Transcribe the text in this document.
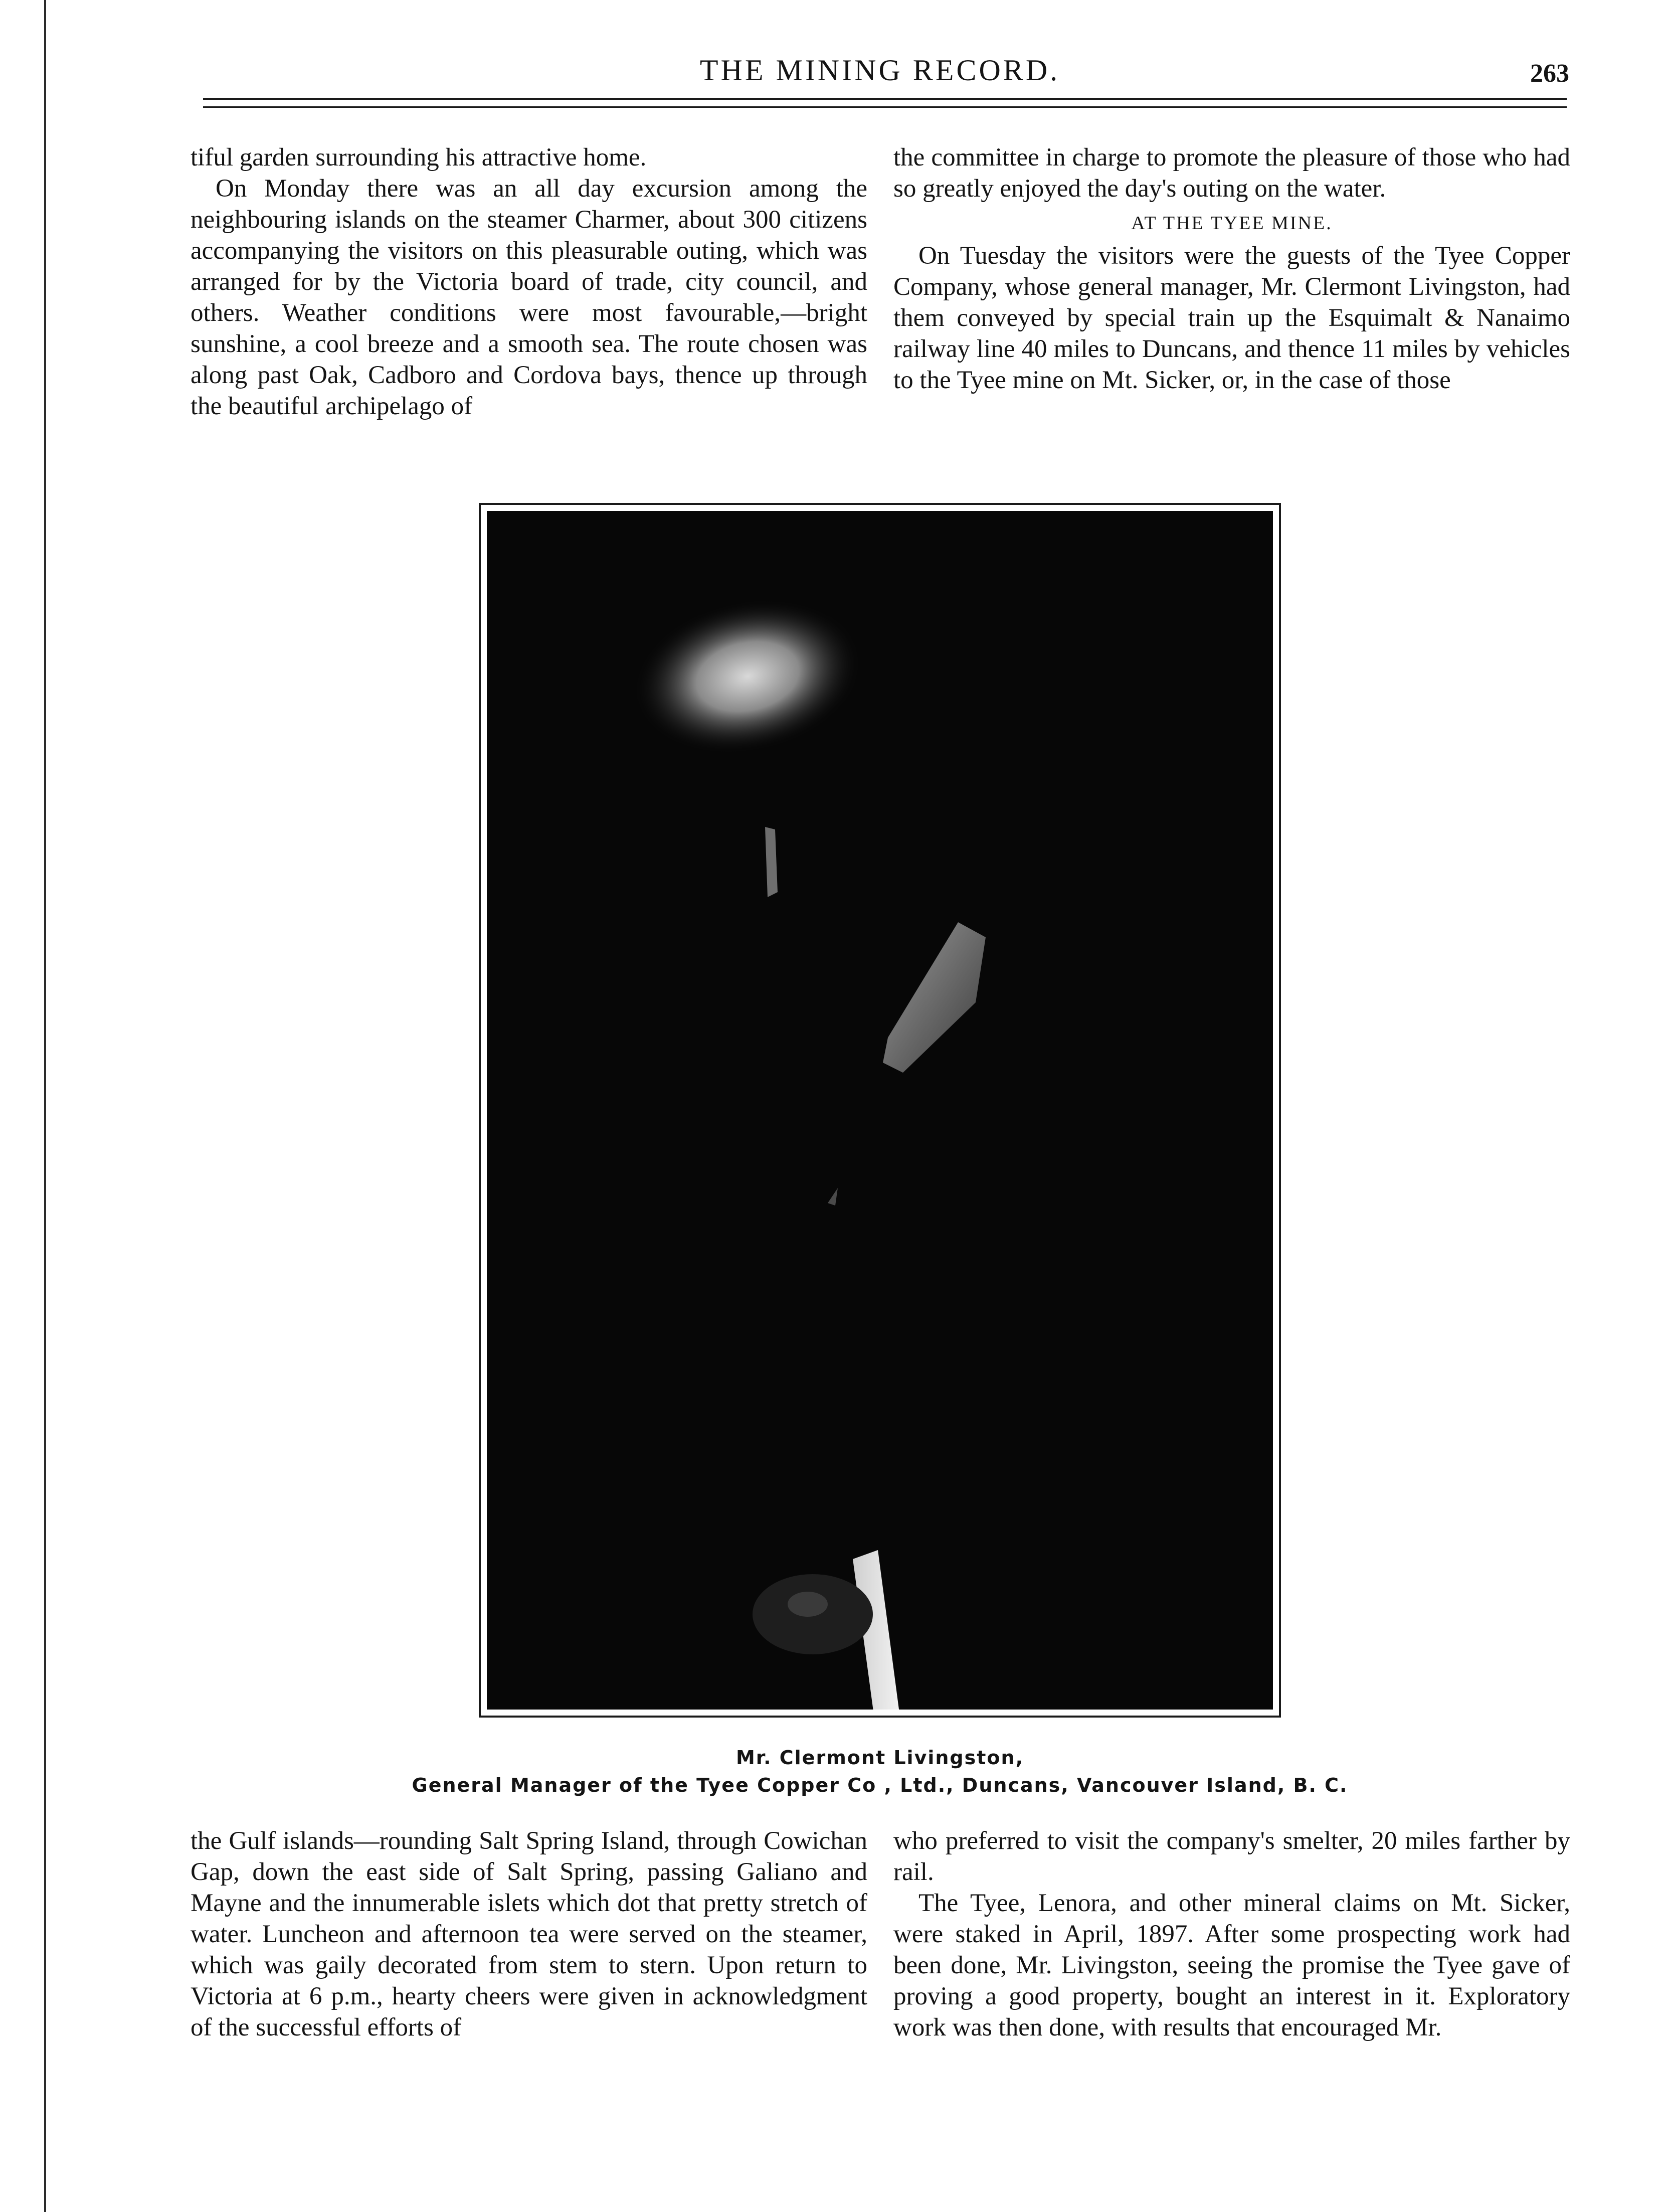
THE MINING RECORD.	263

tiful garden surrounding his attractive home.

On Monday there was an all day excursion among the neighbouring islands on the steamer Charmer, about 300 citizens accompanying the visitors on this pleasurable outing, which was arranged for by the Victoria board of trade, city council, and others. Weather conditions were most favourable,—bright sunshine, a cool breeze and a smooth sea. The route chosen was along past Oak, Cadboro and Cordova bays, thence up through the beautiful archipelago of

the committee in charge to promote the pleasure of those who had so greatly enjoyed the day's outing on the water.

AT THE TYEE MINE.

On Tuesday the visitors were the guests of the Tyee Copper Company, whose general manager, Mr. Clermont Livingston, had them conveyed by special train up the Esquimalt & Nanaimo railway line 40 miles to Duncans, and thence 11 miles by vehicles to the Tyee mine on Mt. Sicker, or, in the case of those

Mr. Clermont Livingston,
General Manager of the Tyee Copper Co , Ltd., Duncans, Vancouver Island, B. C.

the Gulf islands—rounding Salt Spring Island, through Cowichan Gap, down the east side of Salt Spring, passing Galiano and Mayne and the innumerable islets which dot that pretty stretch of water. Luncheon and afternoon tea were served on the steamer, which was gaily decorated from stem to stern. Upon return to Victoria at 6 p.m., hearty cheers were given in acknowledgment of the successful efforts of

who preferred to visit the company's smelter, 20 miles farther by rail.

The Tyee, Lenora, and other mineral claims on Mt. Sicker, were staked in April, 1897. After some prospecting work had been done, Mr. Livingston, seeing the promise the Tyee gave of proving a good property, bought an interest in it. Exploratory work was then done, with results that encouraged Mr.
